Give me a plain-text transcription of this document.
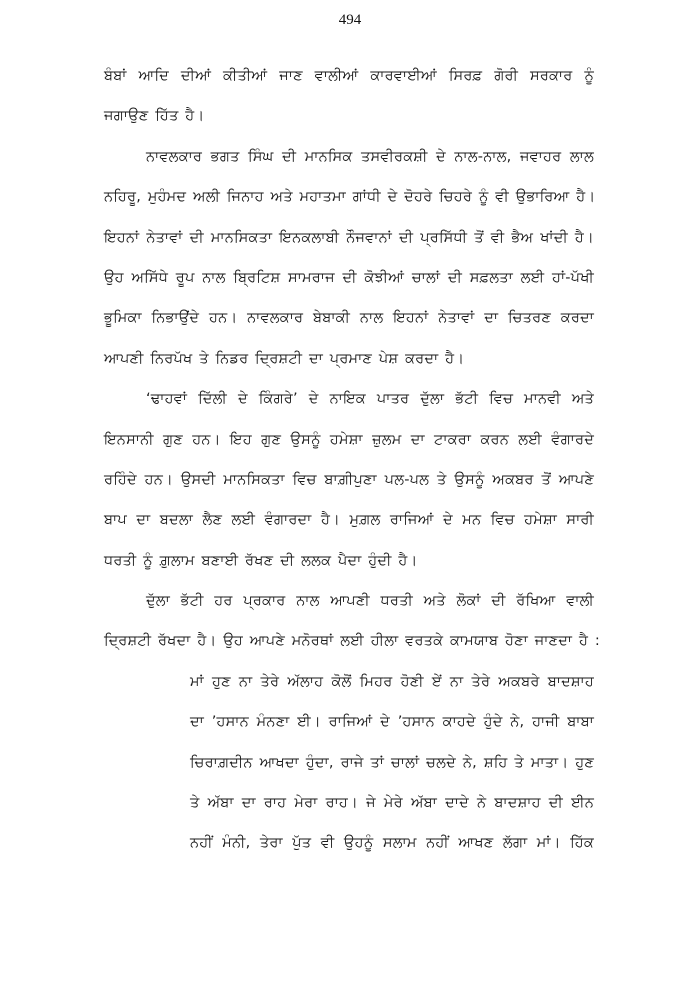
494
ਬੰਬਾਂ ਆਦਿ ਦੀਆਂ ਕੀਤੀਆਂ ਜਾਣ ਵਾਲੀਆਂ ਕਾਰਵਾਈਆਂ ਸਿਰਫ਼ ਗੋਰੀ ਸਰਕਾਰ ਨੂੰ
ਜਗਾਉਣ ਹਿੱਤ ਹੈ।
ਨਾਵਲਕਾਰ ਭਗਤ ਸਿੰਘ ਦੀ ਮਾਨਸਿਕ ਤਸਵੀਰਕਸ਼ੀ ਦੇ ਨਾਲ-ਨਾਲ, ਜਵਾਹਰ ਲਾਲ
ਨਹਿਰੂ, ਮੁਹੰਮਦ ਅਲੀ ਜਿਨਾਹ ਅਤੇ ਮਹਾਤਮਾ ਗਾਂਧੀ ਦੇ ਦੋਹਰੇ ਚਿਹਰੇ ਨੂੰ ਵੀ ਉਭਾਰਿਆ ਹੈ।
ਇਹਨਾਂ ਨੇਤਾਵਾਂ ਦੀ ਮਾਨਸਿਕਤਾ ਇਨਕਲਾਬੀ ਨੌਜਵਾਨਾਂ ਦੀ ਪ੍ਰਸਿੱਧੀ ਤੋਂ ਵੀ ਭੈਅ ਖਾਂਦੀ ਹੈ।
ਉਹ ਅਸਿੱਧੇ ਰੂਪ ਨਾਲ ਬ੍ਰਿਟਿਸ਼ ਸਾਮਰਾਜ ਦੀ ਕੋਝੀਆਂ ਚਾਲਾਂ ਦੀ ਸਫ਼ਲਤਾ ਲਈ ਹਾਂ-ਪੱਖੀ
ਭੂਮਿਕਾ ਨਿਭਾਉਂਦੇ ਹਨ। ਨਾਵਲਕਾਰ ਬੇਬਾਕੀ ਨਾਲ ਇਹਨਾਂ ਨੇਤਾਵਾਂ ਦਾ ਚਿਤਰਣ ਕਰਦਾ
ਆਪਣੀ ਨਿਰਪੱਖ ਤੇ ਨਿਡਰ ਦ੍ਰਿਸ਼ਟੀ ਦਾ ਪ੍ਰਮਾਣ ਪੇਸ਼ ਕਰਦਾ ਹੈ।
‘ਢਾਹਵਾਂ ਦਿੱਲੀ ਦੇ ਕਿੰਗਰੇ’ ਦੇ ਨਾਇਕ ਪਾਤਰ ਦੁੱਲਾ ਭੱਟੀ ਵਿਚ ਮਾਨਵੀ ਅਤੇ
ਇਨਸਾਨੀ ਗੁਣ ਹਨ। ਇਹ ਗੁਣ ਉਸਨੂੰ ਹਮੇਸ਼ਾ ਜ਼ੁਲਮ ਦਾ ਟਾਕਰਾ ਕਰਨ ਲਈ ਵੰਗਾਰਦੇ
ਰਹਿੰਦੇ ਹਨ। ਉਸਦੀ ਮਾਨਸਿਕਤਾ ਵਿਚ ਬਾਗ਼ੀਪੁਣਾ ਪਲ-ਪਲ ਤੇ ਉਸਨੂੰ ਅਕਬਰ ਤੋਂ ਆਪਣੇ
ਬਾਪ ਦਾ ਬਦਲਾ ਲੈਣ ਲਈ ਵੰਗਾਰਦਾ ਹੈ। ਮੁਗ਼ਲ ਰਾਜਿਆਂ ਦੇ ਮਨ ਵਿਚ ਹਮੇਸ਼ਾ ਸਾਰੀ
ਧਰਤੀ ਨੂੰ ਗ਼ੁਲਾਮ ਬਣਾਈ ਰੱਖਣ ਦੀ ਲਲਕ ਪੈਦਾ ਹੁੰਦੀ ਹੈ।
ਦੁੱਲਾ ਭੱਟੀ ਹਰ ਪ੍ਰਕਾਰ ਨਾਲ ਆਪਣੀ ਧਰਤੀ ਅਤੇ ਲੋਕਾਂ ਦੀ ਰੱਖਿਆ ਵਾਲੀ
ਦ੍ਰਿਸ਼ਟੀ ਰੱਖਦਾ ਹੈ। ਉਹ ਆਪਣੇ ਮਨੋਰਥਾਂ ਲਈ ਹੀਲਾ ਵਰਤਕੇ ਕਾਮਯਾਬ ਹੋਣਾ ਜਾਣਦਾ ਹੈ :
ਮਾਂ ਹੁਣ ਨਾ ਤੇਰੇ ਅੱਲਾਹ ਕੋਲੋਂ ਮਿਹਰ ਹੋਣੀ ਏਂ ਨਾ ਤੇਰੇ ਅਕਬਰੇ ਬਾਦਸ਼ਾਹ
ਦਾ ’ਹਸਾਨ ਮੰਨਣਾ ਈ। ਰਾਜਿਆਂ ਦੇ ’ਹਸਾਨ ਕਾਹਦੇ ਹੁੰਦੇ ਨੇ, ਹਾਜੀ ਬਾਬਾ
ਚਿਰਾਗ਼ਦੀਨ ਆਖਦਾ ਹੁੰਦਾ, ਰਾਜੇ ਤਾਂ ਚਾਲਾਂ ਚਲਦੇ ਨੇ, ਸ਼ਹਿ ਤੇ ਮਾਤਾ। ਹੁਣ
ਤੇ ਅੱਬਾ ਦਾ ਰਾਹ ਮੇਰਾ ਰਾਹ। ਜੇ ਮੇਰੇ ਅੱਬਾ ਦਾਦੇ ਨੇ ਬਾਦਸ਼ਾਹ ਦੀ ਈਨ
ਨਹੀਂ ਮੰਨੀ, ਤੇਰਾ ਪੁੱਤ ਵੀ ਉਹਨੂੰ ਸਲਾਮ ਨਹੀਂ ਆਖਣ ਲੱਗਾ ਮਾਂ। ਹਿੱਕ
